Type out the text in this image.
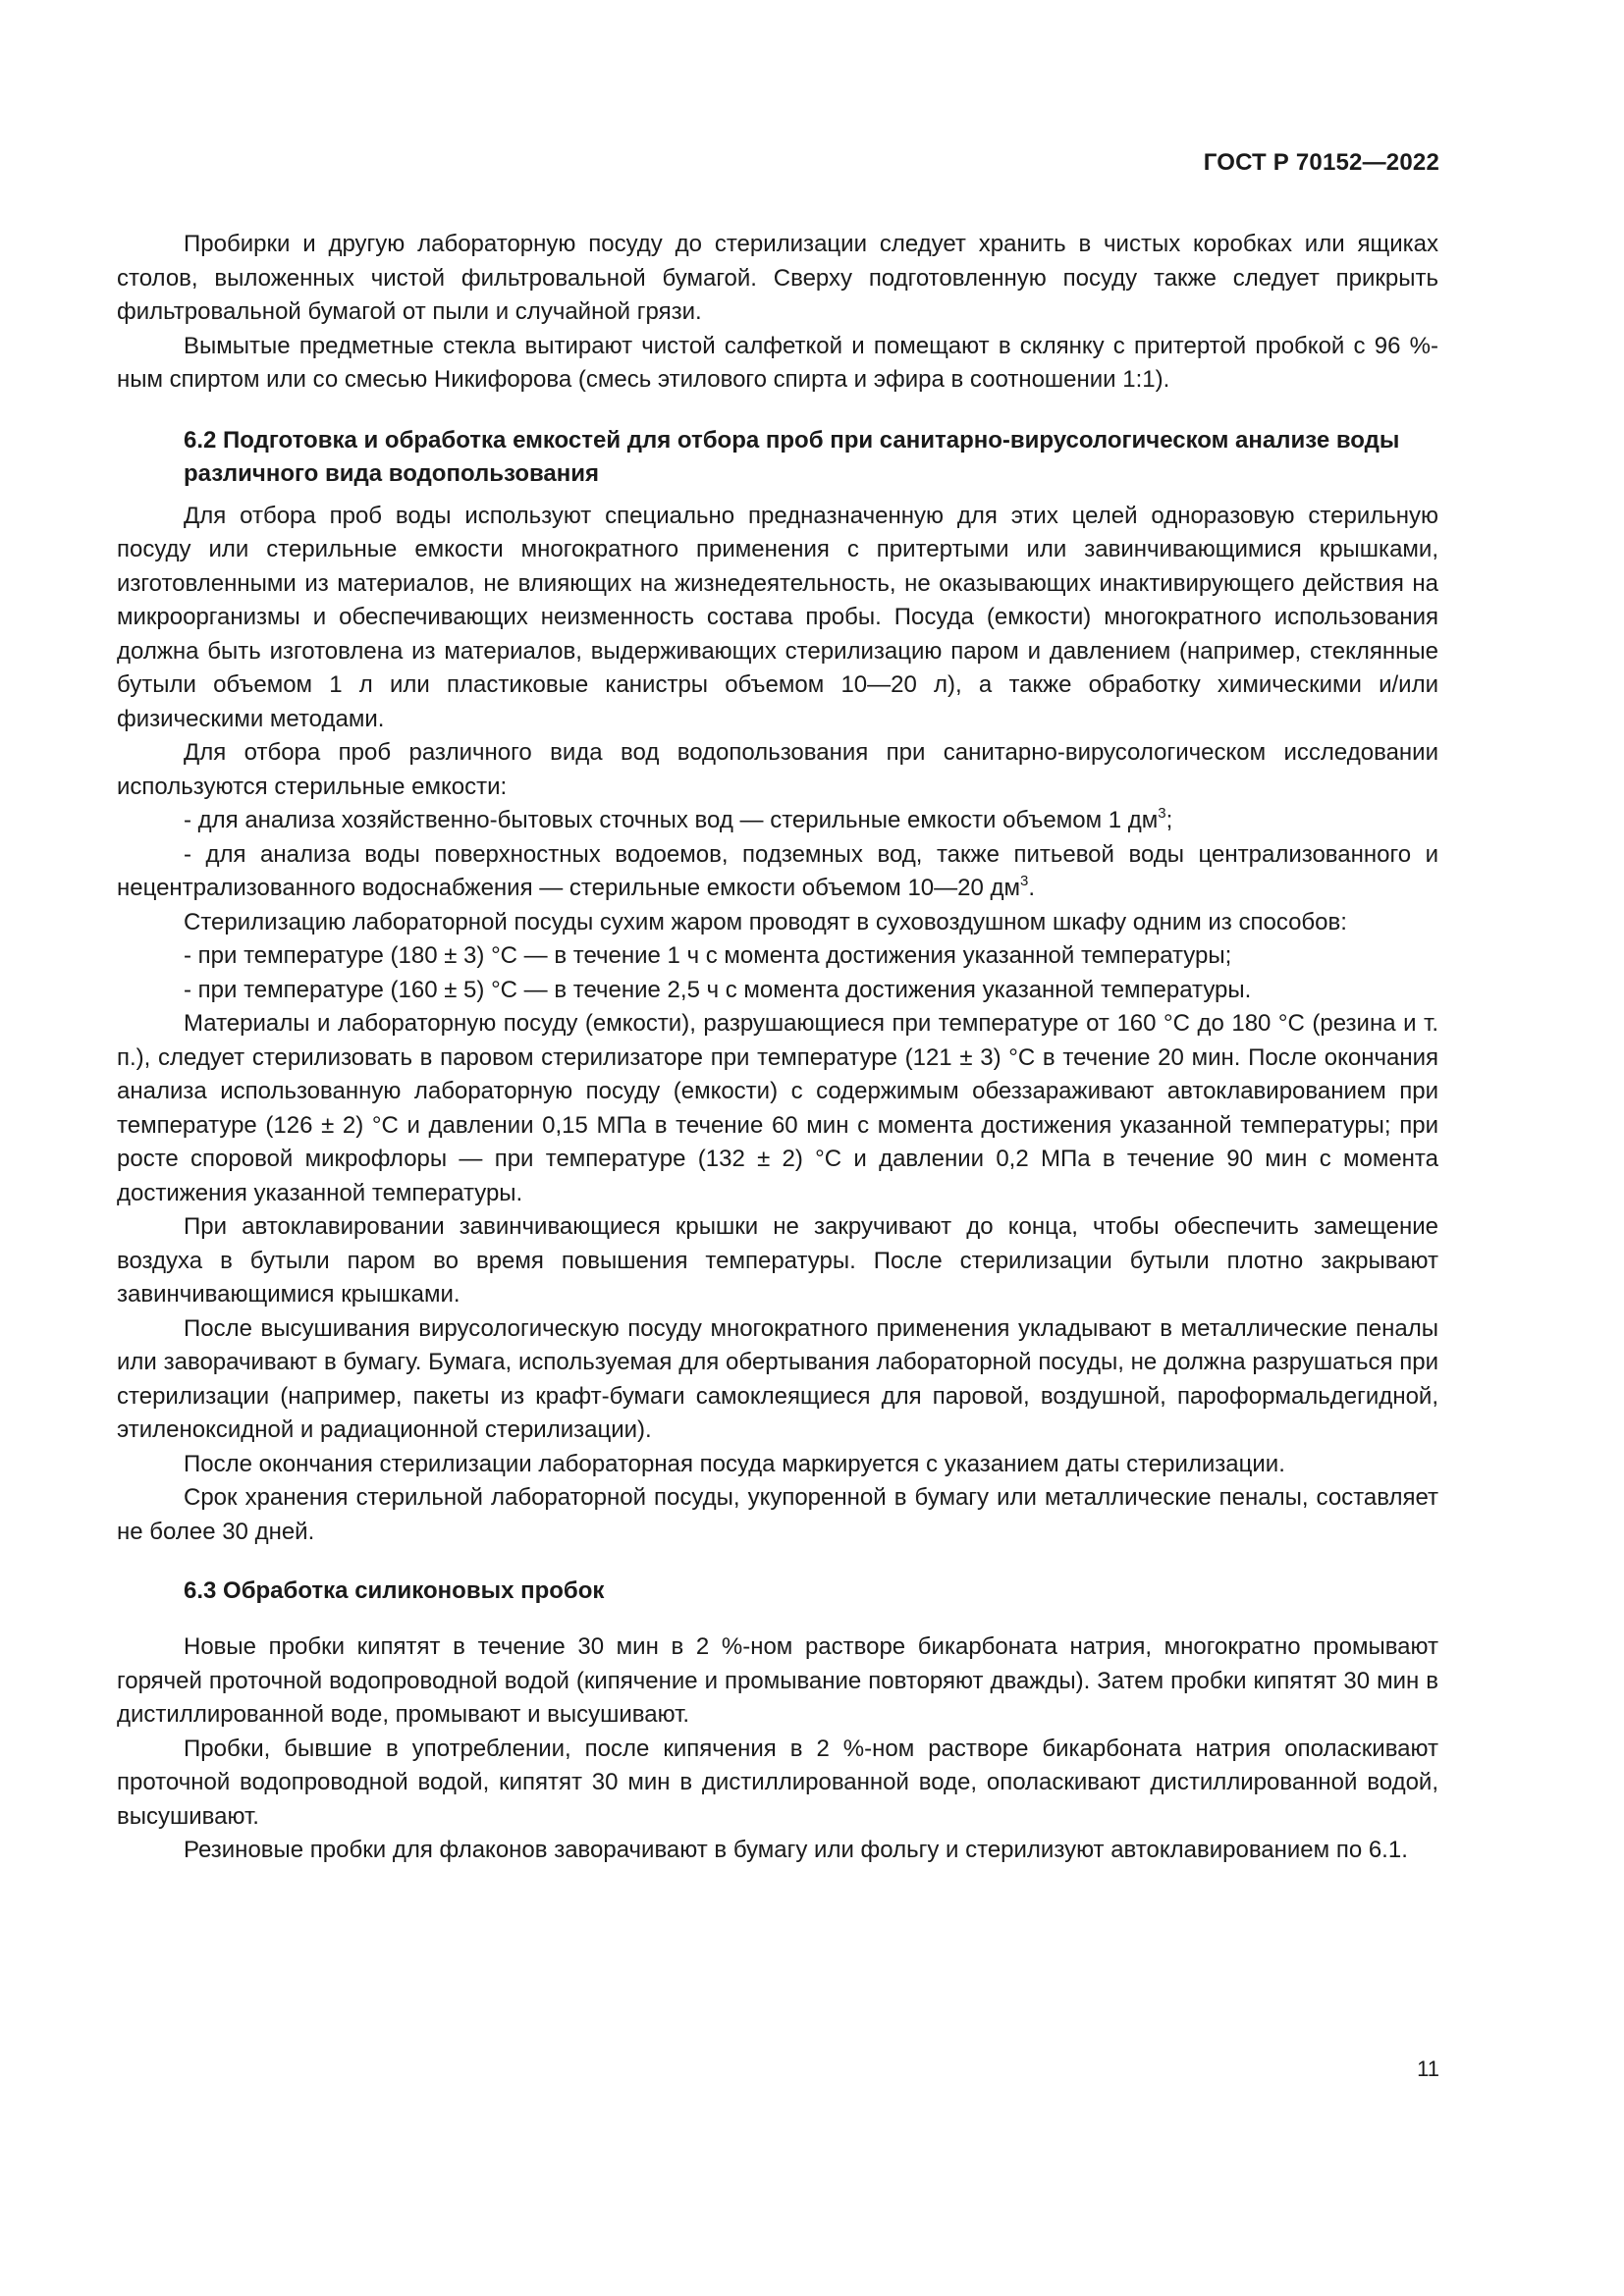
ГОСТ Р 70152—2022

Пробирки и другую лабораторную посуду до стерилизации следует хранить в чистых коробках или ящиках столов, выложенных чистой фильтровальной бумагой. Сверху подготовленную посуду также следует прикрыть фильтровальной бумагой от пыли и случайной грязи.

Вымытые предметные стекла вытирают чистой салфеткой и помещают в склянку с притертой пробкой с 96 %-ным спиртом или со смесью Никифорова (смесь этилового спирта и эфира в соотношении 1:1).

6.2 Подготовка и обработка емкостей для отбора проб при санитарно-вирусологическом анализе воды различного вида водопользования

Для отбора проб воды используют специально предназначенную для этих целей одноразовую стерильную посуду или стерильные емкости многократного применения с притертыми или завинчивающимися крышками, изготовленными из материалов, не влияющих на жизнедеятельность, не оказывающих инактивирующего действия на микроорганизмы и обеспечивающих неизменность состава пробы. Посуда (емкости) многократного использования должна быть изготовлена из материалов, выдерживающих стерилизацию паром и давлением (например, стеклянные бутыли объемом 1 л или пластиковые канистры объемом 10—20 л), а также обработку химическими и/или физическими методами.

Для отбора проб различного вида вод водопользования при санитарно-вирусологическом исследовании используются стерильные емкости:

- для анализа хозяйственно-бытовых сточных вод — стерильные емкости объемом 1 $дм^3$;

- для анализа воды поверхностных водоемов, подземных вод, также питьевой воды централизованного и нецентрализованного водоснабжения — стерильные емкости объемом 10—20 $дм^3$.

Стерилизацию лабораторной посуды сухим жаром проводят в суховоздушном шкафу одним из способов:

- при температуре (180 ± 3) °С — в течение 1 ч с момента достижения указанной температуры;

- при температуре (160 ± 5) °С — в течение 2,5 ч с момента достижения указанной температуры.

Материалы и лабораторную посуду (емкости), разрушающиеся при температуре от 160 °С до 180 °С (резина и т. п.), следует стерилизовать в паровом стерилизаторе при температуре (121 ± 3) °С в течение 20 мин. После окончания анализа использованную лабораторную посуду (емкости) с содержимым обеззараживают автоклавированием при температуре (126 ± 2) °С и давлении 0,15 МПа в течение 60 мин с момента достижения указанной температуры; при росте споровой микрофлоры — при температуре (132 ± 2) °С и давлении 0,2 МПа в течение 90 мин с момента достижения указанной температуры.

При автоклавировании завинчивающиеся крышки не закручивают до конца, чтобы обеспечить замещение воздуха в бутыли паром во время повышения температуры. После стерилизации бутыли плотно закрывают завинчивающимися крышками.

После высушивания вирусологическую посуду многократного применения укладывают в металлические пеналы или заворачивают в бумагу. Бумага, используемая для обертывания лабораторной посуды, не должна разрушаться при стерилизации (например, пакеты из крафт-бумаги самоклеящиеся для паровой, воздушной, пароформальдегидной, этиленоксидной и радиационной стерилизации).

После окончания стерилизации лабораторная посуда маркируется с указанием даты стерилизации.

Срок хранения стерильной лабораторной посуды, укупоренной в бумагу или металлические пеналы, составляет не более 30 дней.

6.3 Обработка силиконовых пробок

Новые пробки кипятят в течение 30 мин в 2 %-ном растворе бикарбоната натрия, многократно промывают горячей проточной водопроводной водой (кипячение и промывание повторяют дважды). Затем пробки кипятят 30 мин в дистиллированной воде, промывают и высушивают.

Пробки, бывшие в употреблении, после кипячения в 2 %-ном растворе бикарбоната натрия ополаскивают проточной водопроводной водой, кипятят 30 мин в дистиллированной воде, ополаскивают дистиллированной водой, высушивают.

Резиновые пробки для флаконов заворачивают в бумагу или фольгу и стерилизуют автоклавированием по 6.1.

11
